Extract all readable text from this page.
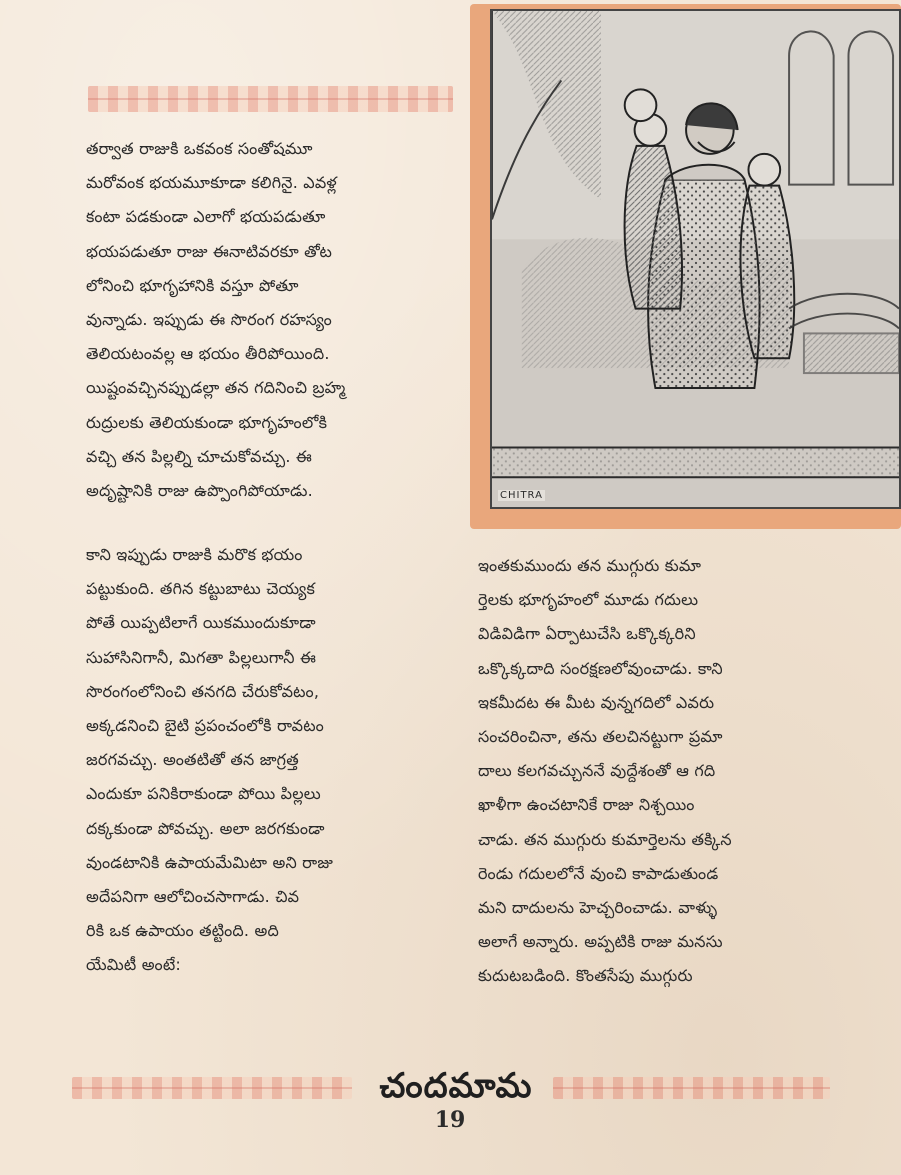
తర్వాత రాజుకి ఒకవంక సంతోషమూ
మరోవంక భయమూకూడా కలిగినై. ఎవళ్ల
కంటా పడకుండా ఎలాగో భయపడుతూ
భయపడుతూ రాజు ఈనాటివరకూ తోట
లోనించి భూగృహానికి వస్తూ పోతూ
వున్నాడు. ఇప్పుడు ఈ సొరంగ రహస్యం
తెలియటంవల్ల ఆ భయం తీరిపోయింది.
యిష్టంవచ్చినప్పుడల్లా తన గదినించి బ్రహ్మ
రుద్రులకు తెలియకుండా భూగృహంలోకి
వచ్చి తన పిల్లల్ని చూచుకోవచ్చు. ఈ
అదృష్టానికి రాజు ఉప్పొంగిపోయాడు.	CHITRA
కాని ఇప్పుడు రాజుకి మరొక భయం
పట్టుకుంది. తగిన కట్టుబాటు చెయ్యక
పోతే యిప్పటిలాగే యికముందుకూడా
సుహాసినిగానీ, మిగతా పిల్లలుగానీ ఈ
సొరంగంలోనించి తనగది చేరుకోవటం,
అక్కడనించి బైటి ప్రపంచంలోకి రావటం
జరగవచ్చు. అంతటితో తన జాగ్రత్త
ఎందుకూ పనికిరాకుండా పోయి పిల్లలు
దక్కకుండా పోవచ్చు. అలా జరగకుండా
వుండటానికి ఉపాయమేమిటా అని రాజు
అదేపనిగా ఆలోచించసాగాడు. చివ
రికి ఒక ఉపాయం తట్టింది. అది
యేమిటీ అంటే:
ఇంతకుముందు తన ముగ్గురు కుమా
ర్తెలకు భూగృహంలో మూడు గదులు
విడివిడిగా ఏర్పాటుచేసి ఒక్కొక్కరిని
ఒక్కొక్కదాది సంరక్షణలోవుంచాడు. కాని
ఇకమీదట ఈ మీట వున్నగదిలో ఎవరు
సంచరించినా, తను తలచినట్టుగా ప్రమా
దాలు కలగవచ్చుననే వుద్దేశంతో ఆ గది
ఖాళీగా ఉంచటానికే రాజు నిశ్చయిం
చాడు. తన ముగ్గురు కుమార్తెలను తక్కిన
రెండు గదులలోనే వుంచి కాపాడుతుండ
మని దాదులను హెచ్చరించాడు. వాళ్ళు
అలాగే అన్నారు. అప్పటికి రాజు మనసు
కుదుటబడింది. కొంతసేపు ముగ్గురు
చందమామ
19
